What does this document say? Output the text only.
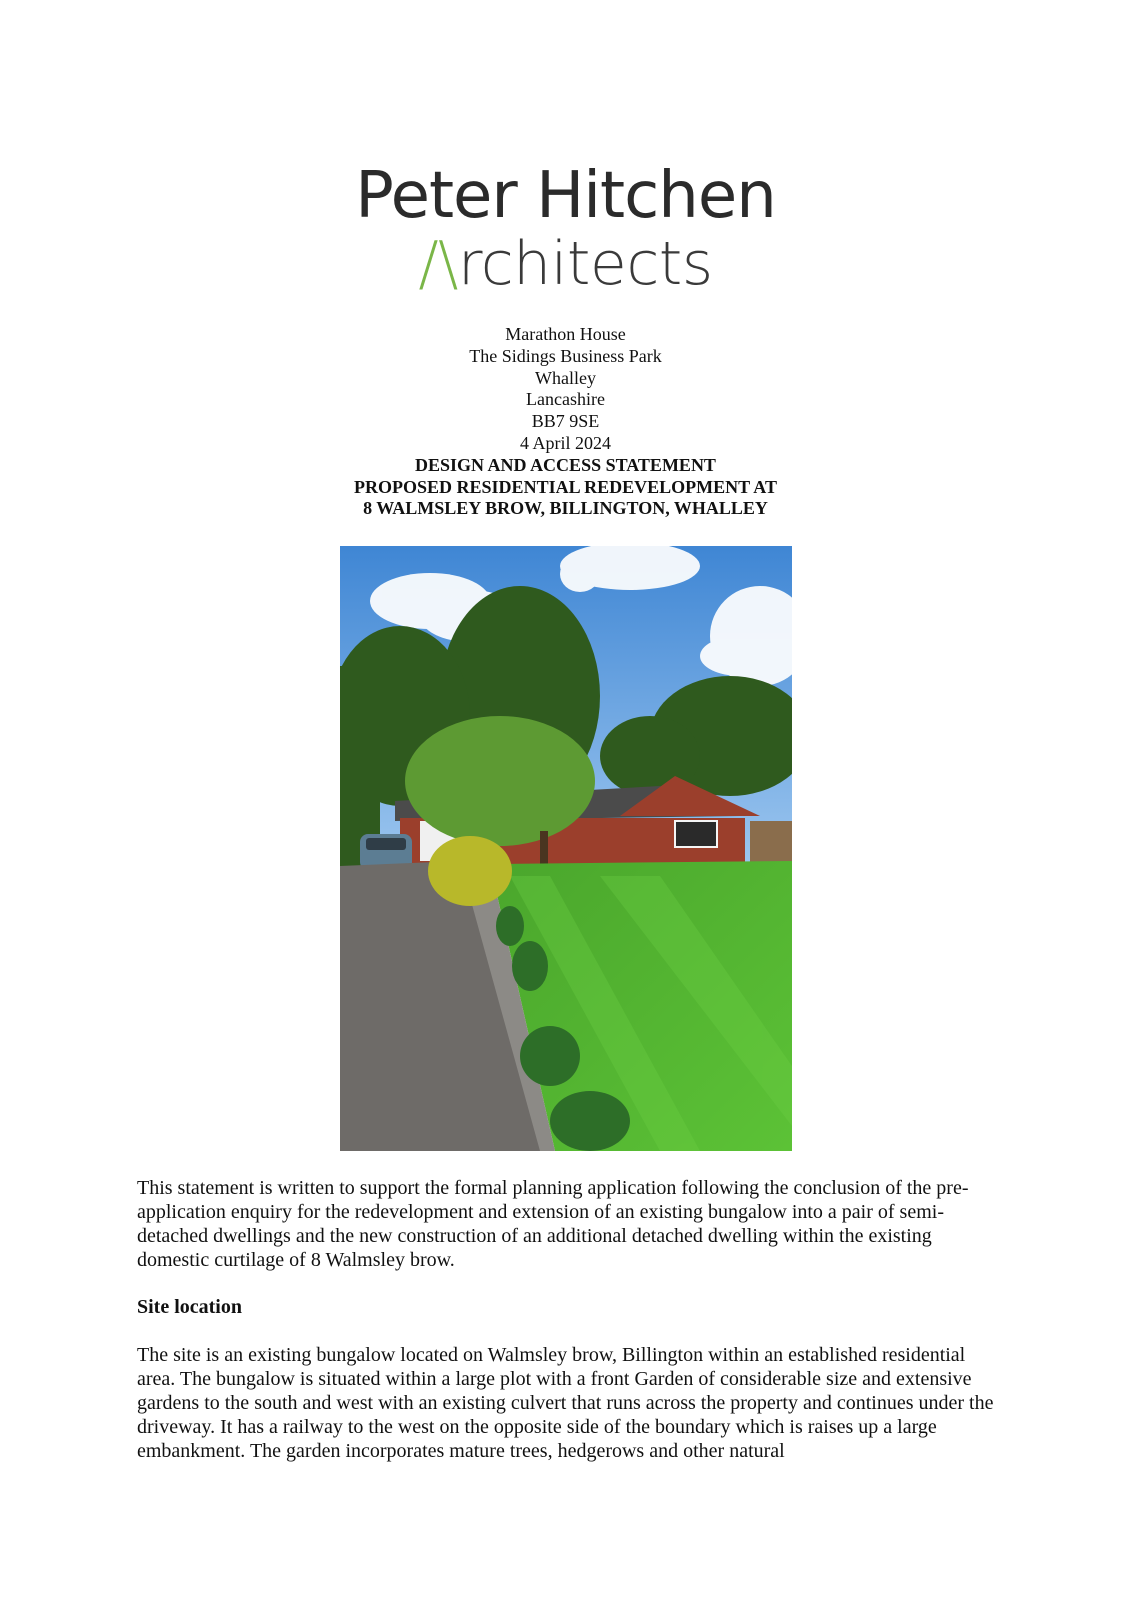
Peter Hitchen
/\rchitects
Marathon House
The Sidings Business Park
Whalley
Lancashire
BB7 9SE
4 April 2024
DESIGN AND ACCESS STATEMENT
PROPOSED RESIDENTIAL REDEVELOPMENT AT
8 WALMSLEY BROW, BILLINGTON, WHALLEY
This statement is written to support the formal planning application following the conclusion of the pre-application enquiry for the redevelopment and extension of an existing bungalow into a pair of semi-detached dwellings and the new construction of an additional detached dwelling within the existing domestic curtilage of 8 Walmsley brow.
Site location
The site is an existing bungalow located on Walmsley brow, Billington within an established residential area. The bungalow is situated within a large plot with a front Garden of considerable size and extensive gardens to the south and west with an existing culvert that runs across the property and continues under the driveway. It has a railway to the west on the opposite side of the boundary which is raises up a large embankment. The garden incorporates mature trees, hedgerows and other natural
